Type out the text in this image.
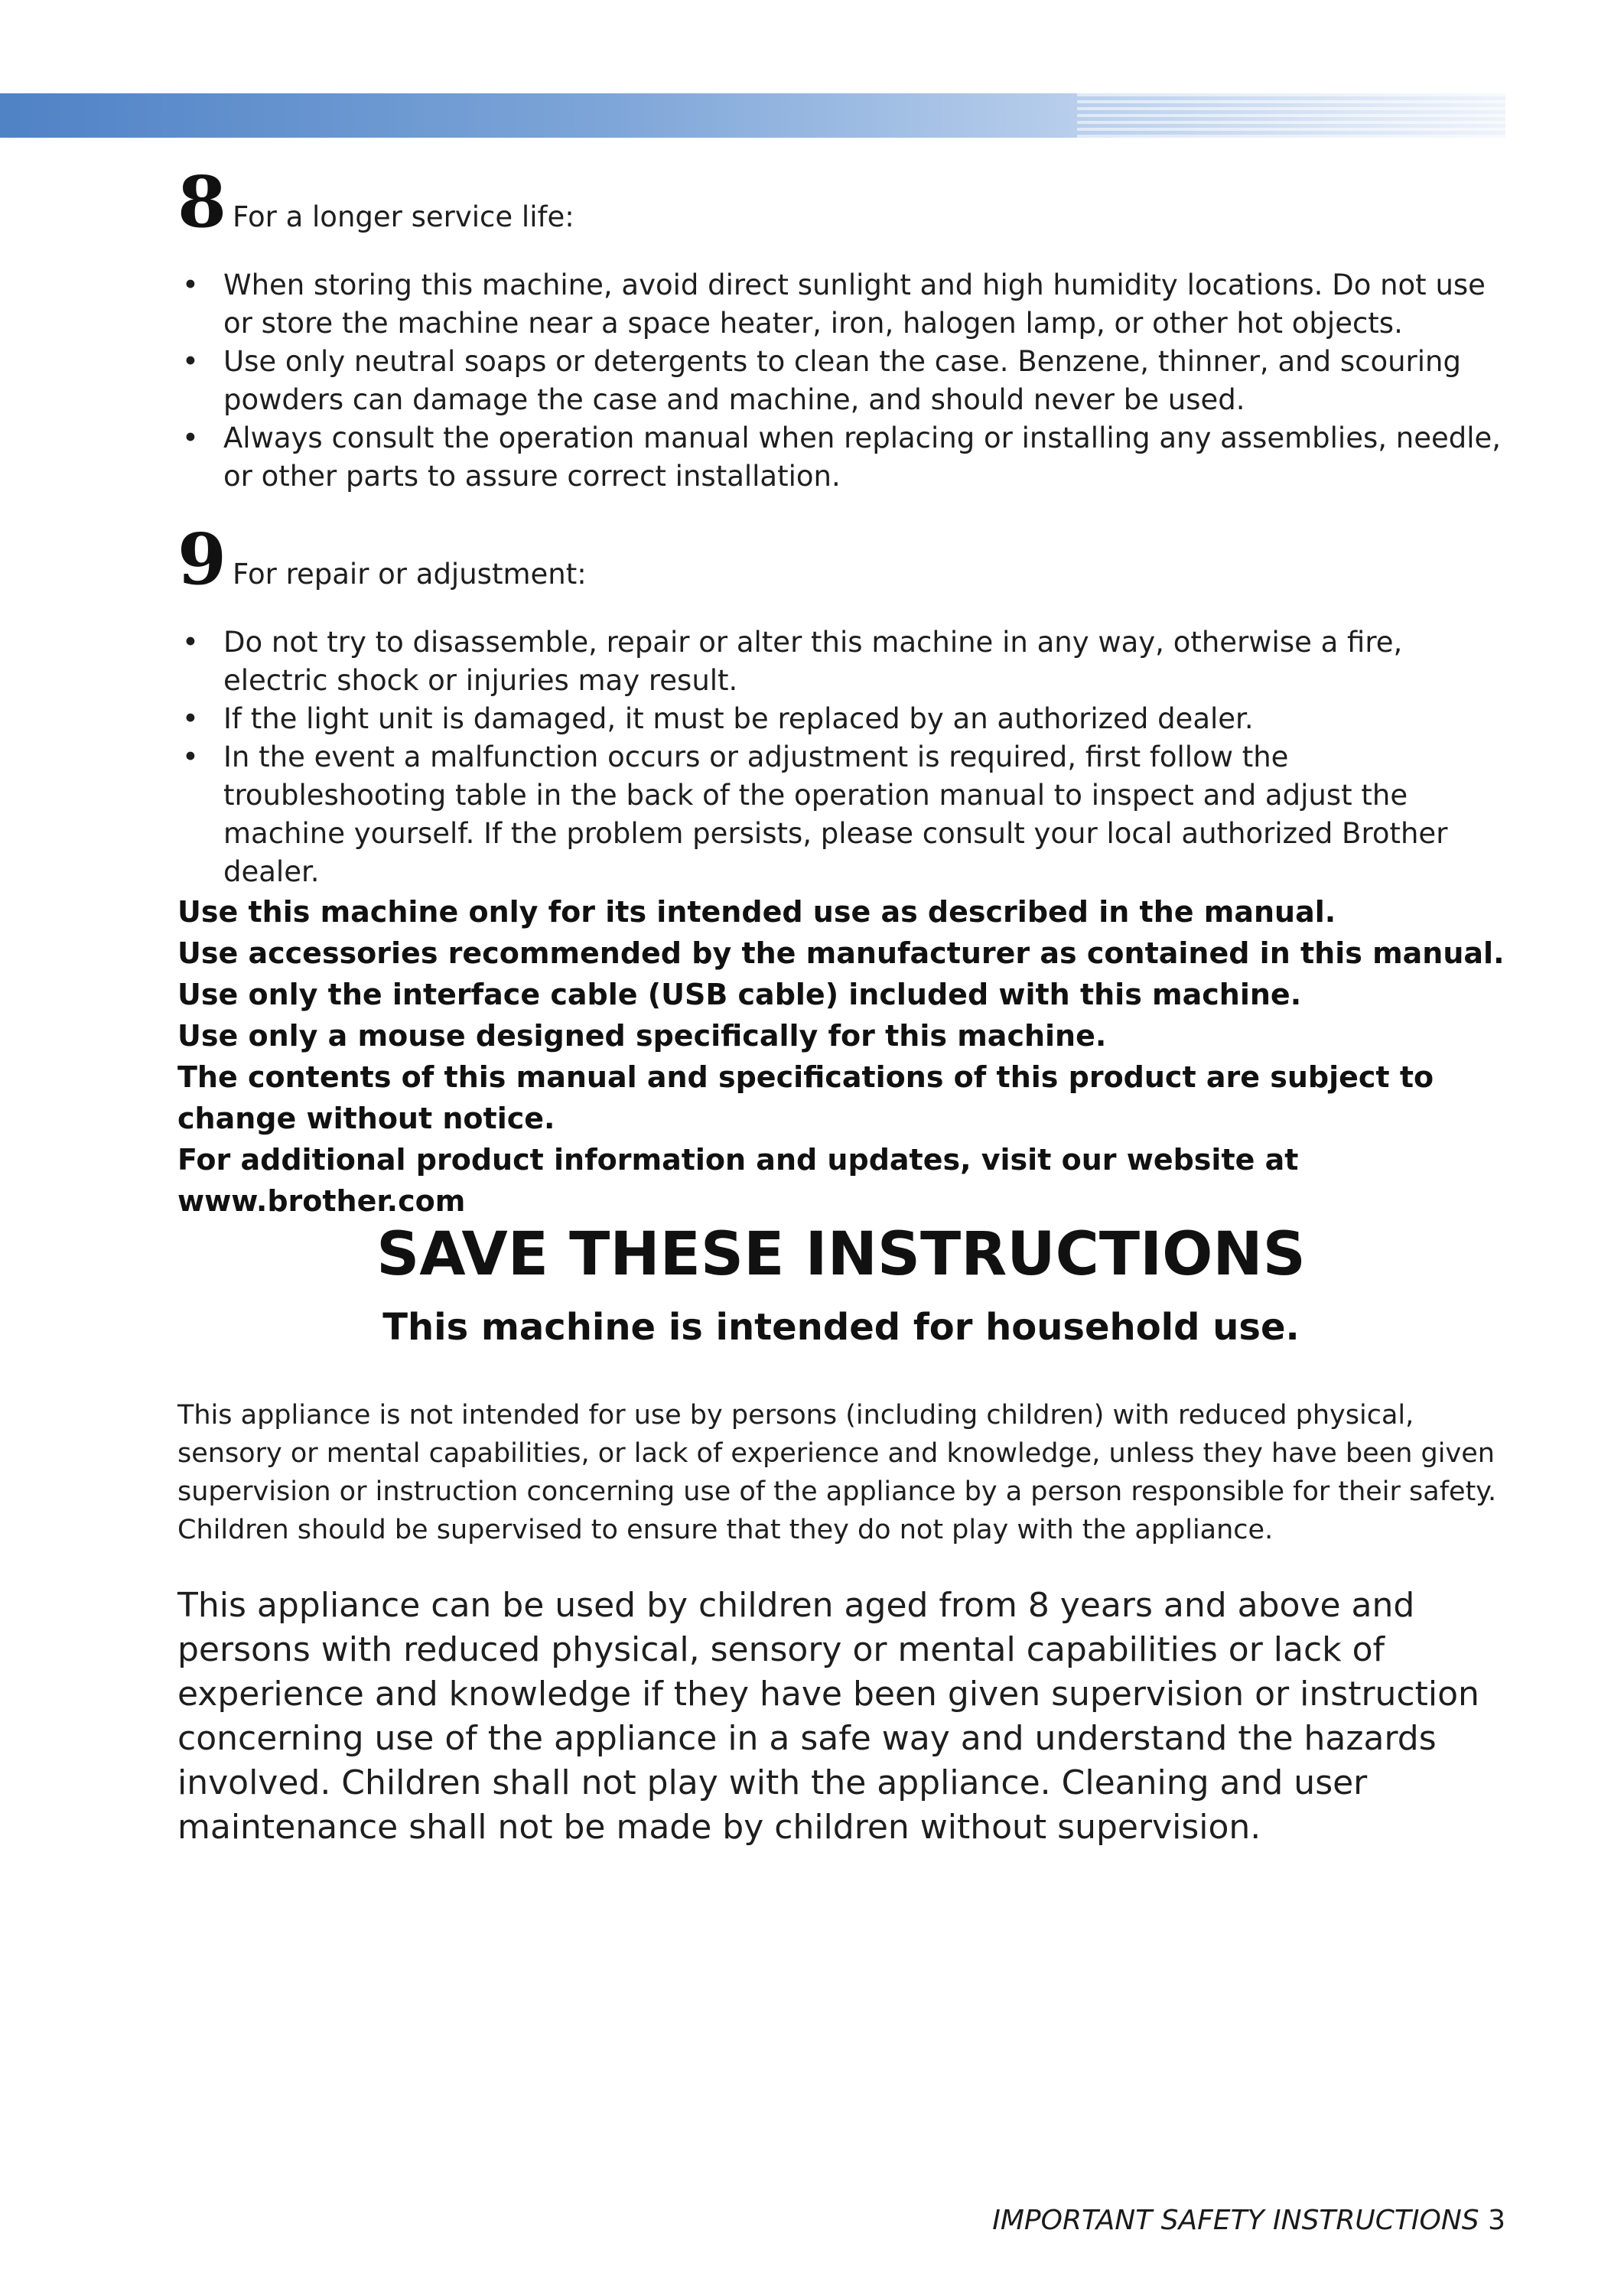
8 For a longer service life:
• When storing this machine, avoid direct sunlight and high humidity locations. Do not use or store the machine near a space heater, iron, halogen lamp, or other hot objects.
• Use only neutral soaps or detergents to clean the case. Benzene, thinner, and scouring powders can damage the case and machine, and should never be used.
• Always consult the operation manual when replacing or installing any assemblies, needle, or other parts to assure correct installation.
9 For repair or adjustment:
• Do not try to disassemble, repair or alter this machine in any way, otherwise a fire, electric shock or injuries may result.
• If the light unit is damaged, it must be replaced by an authorized dealer.
• In the event a malfunction occurs or adjustment is required, first follow the troubleshooting table in the back of the operation manual to inspect and adjust the machine yourself. If the problem persists, please consult your local authorized Brother dealer.

Use this machine only for its intended use as described in the manual.

Use accessories recommended by the manufacturer as contained in this manual.

Use only the interface cable (USB cable) included with this machine.

Use only a mouse designed specifically for this machine.

The contents of this manual and specifications of this product are subject to change without notice.

For additional product information and updates, visit our website at www.brother.com

SAVE THESE INSTRUCTIONS
This machine is intended for household use.

This appliance is not intended for use by persons (including children) with reduced physical, sensory or mental capabilities, or lack of experience and knowledge, unless they have been given supervision or instruction concerning use of the appliance by a person responsible for their safety. Children should be supervised to ensure that they do not play with the appliance.

This appliance can be used by children aged from 8 years and above and persons with reduced physical, sensory or mental capabilities or lack of experience and knowledge if they have been given supervision or instruction concerning use of the appliance in a safe way and understand the hazards involved. Children shall not play with the appliance. Cleaning and user maintenance shall not be made by children without supervision.

IMPORTANT SAFETY INSTRUCTIONS 3
